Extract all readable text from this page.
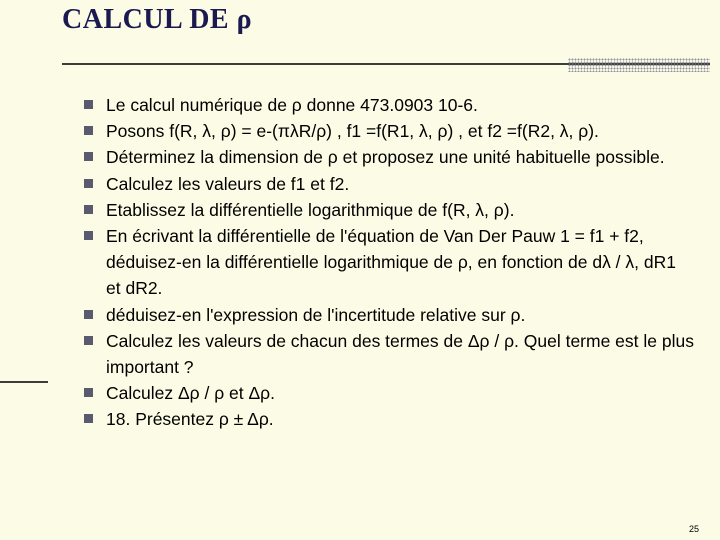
CALCUL DE ρ
Le calcul numérique de ρ donne 473.0903 10-6.
Posons f(R, λ, ρ) = e-(πλR/ρ) , f1 =f(R1, λ, ρ) , et f2 =f(R2, λ, ρ).
Déterminez la dimension de ρ et proposez une unité habituelle possible.
Calculez les valeurs de f1 et f2.
Etablissez la différentielle logarithmique de f(R, λ, ρ).
En écrivant la différentielle de l'équation de Van Der Pauw 1 = f1 + f2, déduisez-en la différentielle logarithmique de ρ, en fonction de dλ / λ, dR1 et dR2.
déduisez-en l'expression de l'incertitude relative sur ρ.
Calculez les valeurs de chacun des termes de Δρ / ρ. Quel terme est le plus important ?
Calculez Δρ / ρ et Δρ.
18. Présentez ρ ± Δρ.
25
